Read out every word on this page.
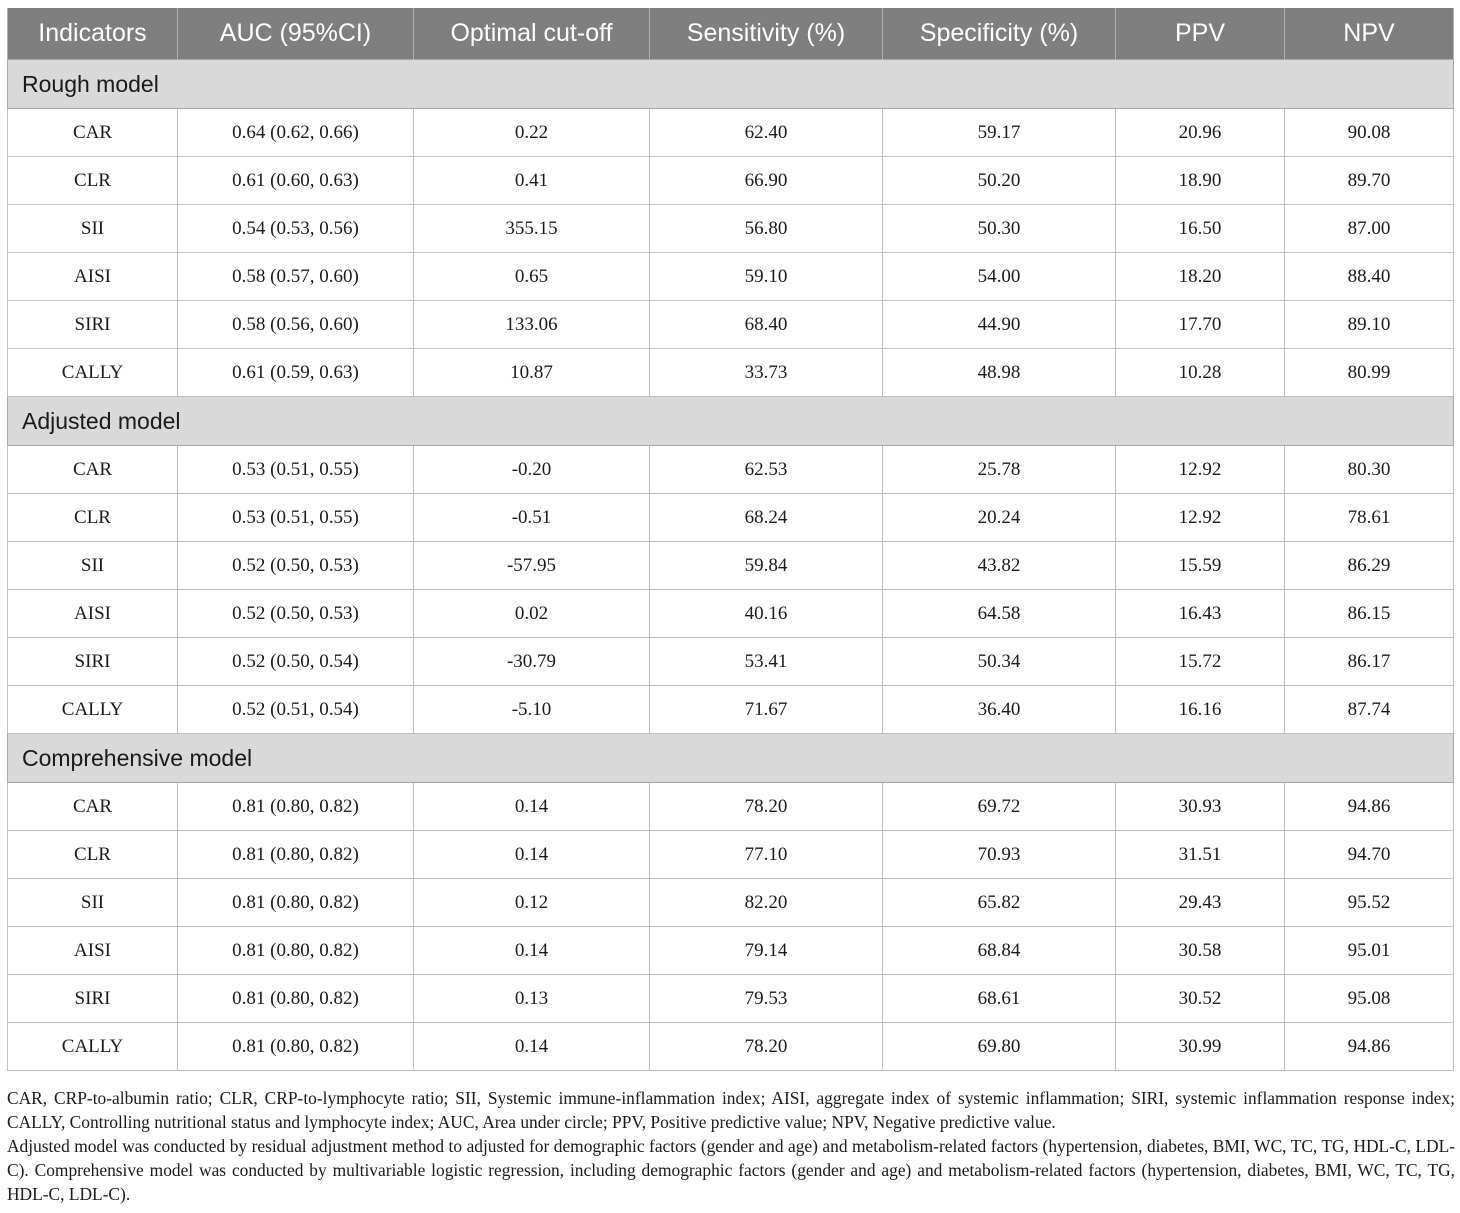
Indicators	AUC (95%CI)	Optimal cut-off	Sensitivity (%)	Specificity (%)	PPV	NPV
Rough model						
CAR	0.64 (0.62, 0.66)	0.22	62.40	59.17	20.96	90.08
CLR	0.61 (0.60, 0.63)	0.41	66.90	50.20	18.90	89.70
SII	0.54 (0.53, 0.56)	355.15	56.80	50.30	16.50	87.00
AISI	0.58 (0.57, 0.60)	0.65	59.10	54.00	18.20	88.40
SIRI	0.58 (0.56, 0.60)	133.06	68.40	44.90	17.70	89.10
CALLY	0.61 (0.59, 0.63)	10.87	33.73	48.98	10.28	80.99
Adjusted model						
CAR	0.53 (0.51, 0.55)	-0.20	62.53	25.78	12.92	80.30
CLR	0.53 (0.51, 0.55)	-0.51	68.24	20.24	12.92	78.61
SII	0.52 (0.50, 0.53)	-57.95	59.84	43.82	15.59	86.29
AISI	0.52 (0.50, 0.53)	0.02	40.16	64.58	16.43	86.15
SIRI	0.52 (0.50, 0.54)	-30.79	53.41	50.34	15.72	86.17
CALLY	0.52 (0.51, 0.54)	-5.10	71.67	36.40	16.16	87.74
Comprehensive model						
CAR	0.81 (0.80, 0.82)	0.14	78.20	69.72	30.93	94.86
CLR	0.81 (0.80, 0.82)	0.14	77.10	70.93	31.51	94.70
SII	0.81 (0.80, 0.82)	0.12	82.20	65.82	29.43	95.52
AISI	0.81 (0.80, 0.82)	0.14	79.14	68.84	30.58	95.01
SIRI	0.81 (0.80, 0.82)	0.13	79.53	68.61	30.52	95.08
CALLY	0.81 (0.80, 0.82)	0.14	78.20	69.80	30.99	94.86

CAR, CRP-to-albumin ratio; CLR, CRP-to-lymphocyte ratio; SII, Systemic immune-inflammation index; AISI, aggregate index of systemic inflammation; SIRI, systemic inflammation response index; CALLY, Controlling nutritional status and lymphocyte index; AUC, Area under circle; PPV, Positive predictive value; NPV, Negative predictive value.

Adjusted model was conducted by residual adjustment method to adjusted for demographic factors (gender and age) and metabolism-related factors (hypertension, diabetes, BMI, WC, TC, TG, HDL-C, LDL-C). Comprehensive model was conducted by multivariable logistic regression, including demographic factors (gender and age) and metabolism-related factors (hypertension, diabetes, BMI, WC, TC, TG, HDL-C, LDL-C).
